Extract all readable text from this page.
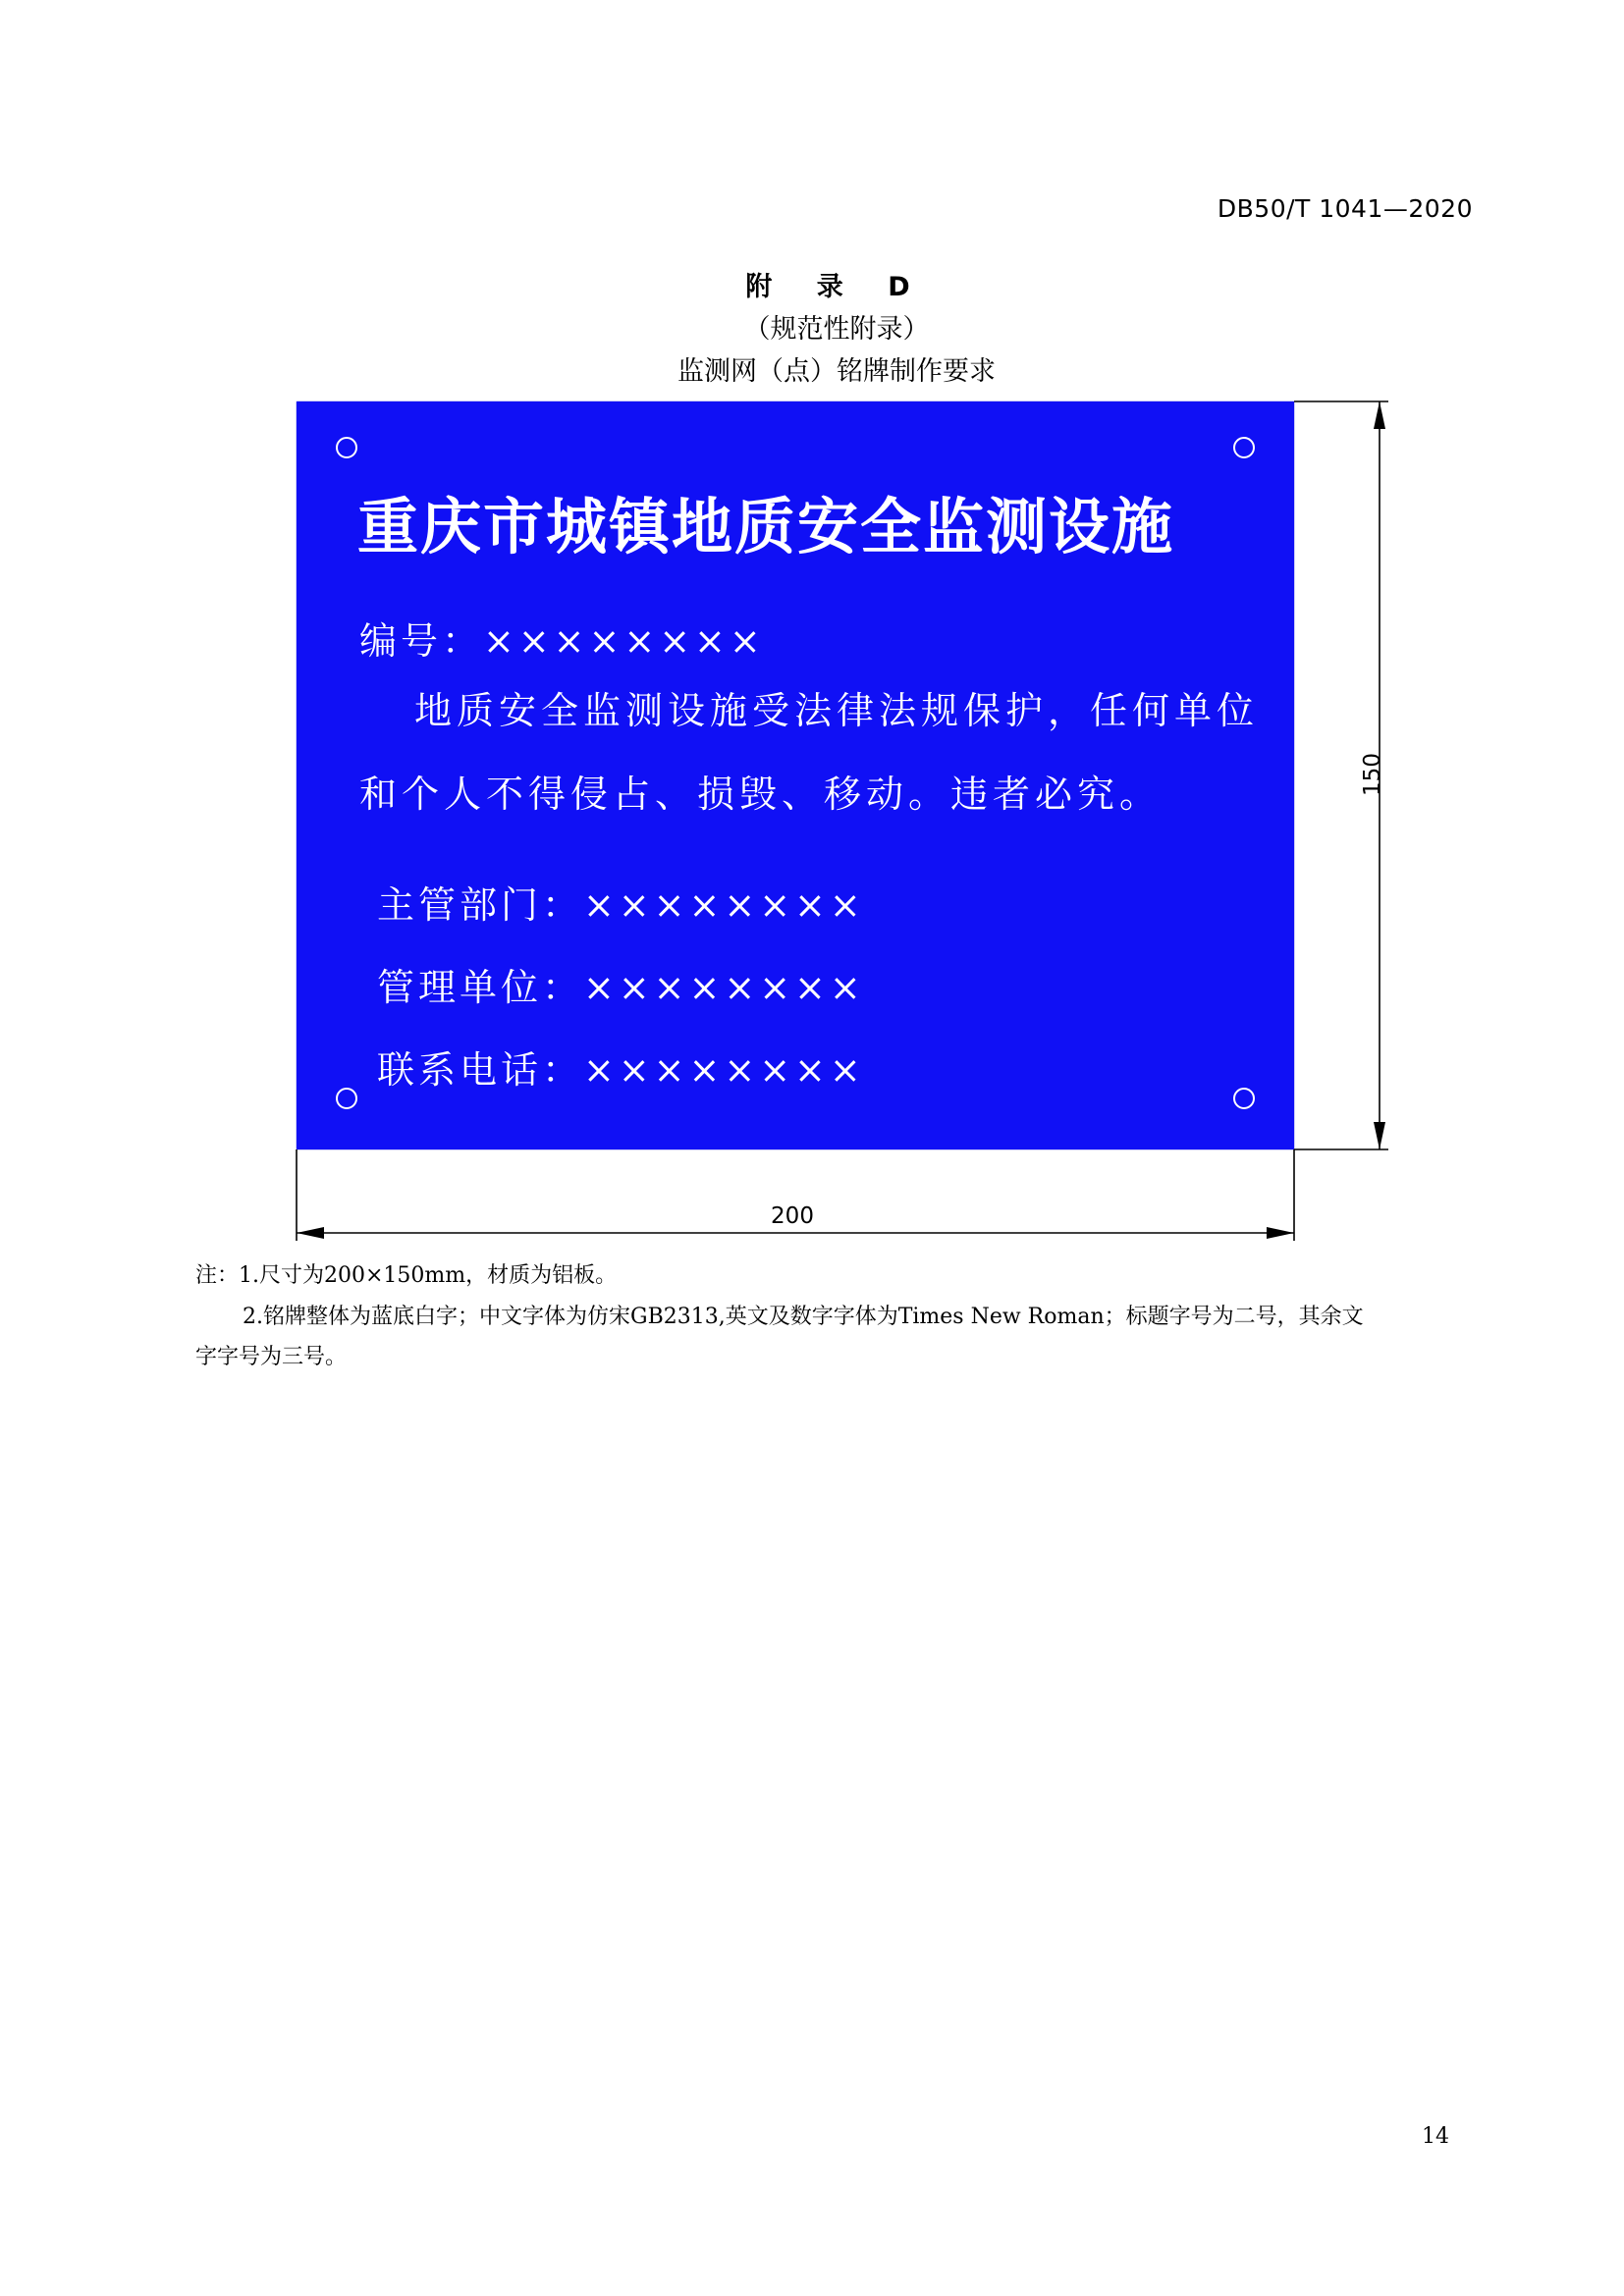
DB50/T 1041—2020
附 录 D
（规范性附录）
监测网（点）铭牌制作要求
重庆市城镇地质安全监测设施
编号：××××××××
地质安全监测设施受法律法规保护，任何单位
和个人不得侵占、损毁、移动。违者必究。
主管部门：××××××××
管理单位：××××××××
联系电话：××××××××
200
150
注：1.尺寸为200×150mm，材质为铝板。
2.铭牌整体为蓝底白字；中文字体为仿宋GB2313,英文及数字字体为Times New Roman；标题字号为二号，其余文
字字号为三号。
14
